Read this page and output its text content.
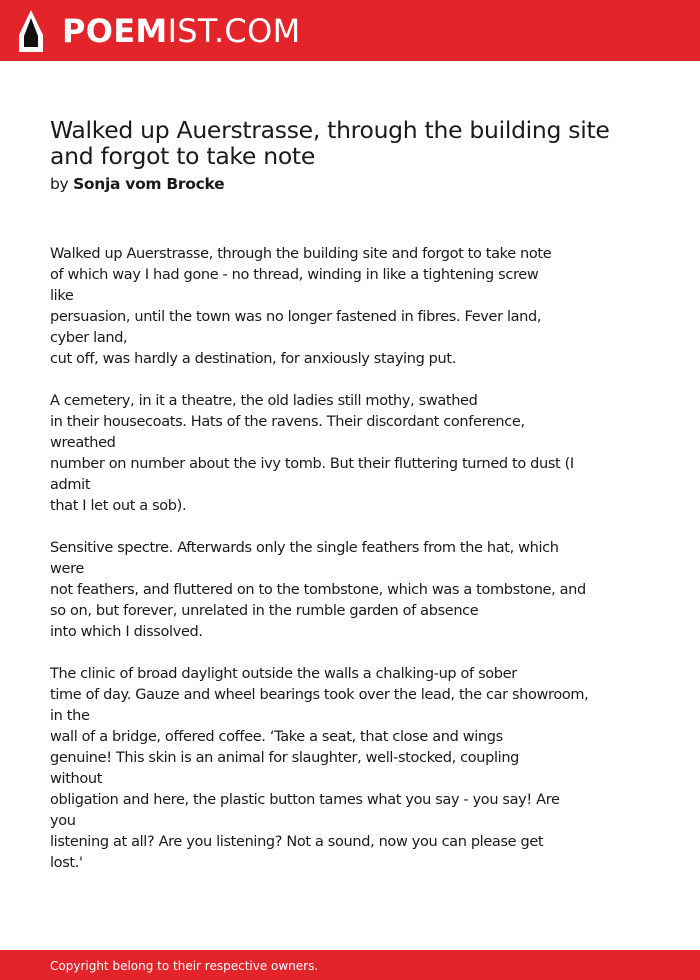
POEMIST.COM
Walked up Auerstrasse, through the building site and forgot to take note
by Sonja vom Brocke
Walked up Auerstrasse, through the building site and forgot to take note
of which way I had gone - no thread, winding in like a tightening screw
like
persuasion, until the town was no longer fastened in fibres. Fever land,
cyber land,
cut off, was hardly a destination, for anxiously staying put.
A cemetery, in it a theatre, the old ladies still mothy, swathed
in their housecoats. Hats of the ravens. Their discordant conference,
wreathed
number on number about the ivy tomb. But their fluttering turned to dust (I
admit
that I let out a sob).
Sensitive spectre. Afterwards only the single feathers from the hat, which
were
not feathers, and fluttered on to the tombstone, which was a tombstone, and
so on, but forever, unrelated in the rumble garden of absence
into which I dissolved.
The clinic of broad daylight outside the walls a chalking-up of sober
time of day. Gauze and wheel bearings took over the lead, the car showroom,
in the
wall of a bridge, offered coffee. ‘Take a seat, that close and wings
genuine! This skin is an animal for slaughter, well-stocked, coupling
without
obligation and here, the plastic button tames what you say - you say! Are
you
listening at all? Are you listening? Not a sound, now you can please get
lost.'
Copyright belong to their respective owners.
